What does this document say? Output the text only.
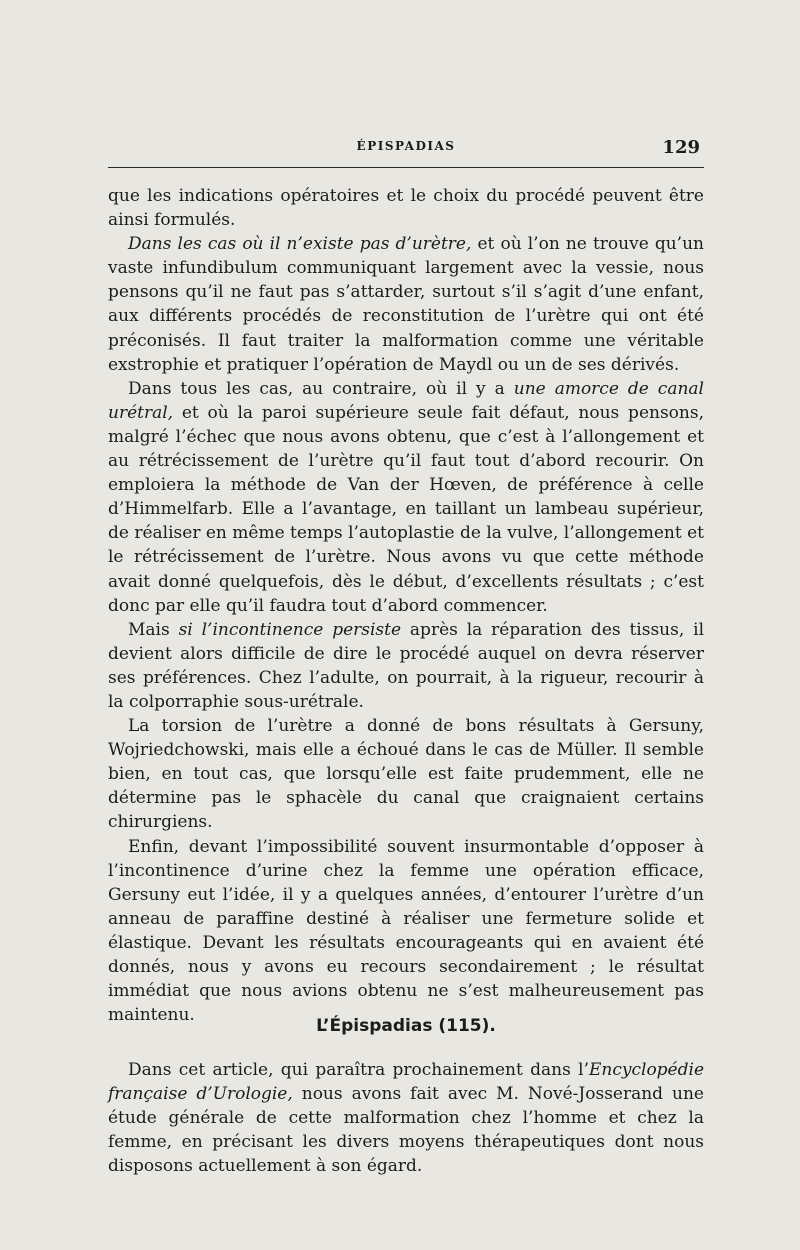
ÉPISPADIAS	129

que les indications opératoires et le choix du procédé peuvent être ainsi formulés.

Dans les cas où il n’existe pas d’urètre, et où l’on ne trouve qu’un vaste infundibulum communiquant largement avec la vessie, nous pensons qu’il ne faut pas s’attarder, surtout s’il s’agit d’une enfant, aux différents procédés de reconstitution de l’urètre qui ont été préconisés. Il faut traiter la malformation comme une véritable exstrophie et pratiquer l’opération de Maydl ou un de ses dérivés.

Dans tous les cas, au contraire, où il y a une amorce de canal urétral, et où la paroi supérieure seule fait défaut, nous pensons, malgré l’échec que nous avons obtenu, que c’est à l’allongement et au rétrécissement de l’urètre qu’il faut tout d’abord recourir. On emploiera la méthode de Van der Hœven, de préférence à celle d’Himmelfarb. Elle a l’avantage, en taillant un lambeau supérieur, de réaliser en même temps l’autoplastie de la vulve, l’allongement et le rétrécissement de l’urètre. Nous avons vu que cette méthode avait donné quelquefois, dès le début, d’excellents résultats ; c’est donc par elle qu’il faudra tout d’abord commencer.

Mais si l’incontinence persiste après la réparation des tissus, il devient alors difficile de dire le procédé auquel on devra réserver ses préférences. Chez l’adulte, on pourrait, à la rigueur, recourir à la colporraphie sous-urétrale.

La torsion de l’urètre a donné de bons résultats à Gersuny, Wojriedchowski, mais elle a échoué dans le cas de Müller. Il semble bien, en tout cas, que lorsqu’elle est faite prudemment, elle ne détermine pas le sphacèle du canal que craignaient certains chirurgiens.

Enfin, devant l’impossibilité souvent insurmontable d’opposer à l’incontinence d’urine chez la femme une opération efficace, Gersuny eut l’idée, il y a quelques années, d’entourer l’urètre d’un anneau de paraffine destiné à réaliser une fermeture solide et élastique. Devant les résultats encourageants qui en avaient été donnés, nous y avons eu recours secondairement ; le résultat immédiat que nous avions obtenu ne s’est malheureusement pas maintenu.

L’Épispadias (115).

Dans cet article, qui paraîtra prochainement dans l’Encyclopédie française d’Urologie, nous avons fait avec M. Nové-Josserand une étude générale de cette malformation chez l’homme et chez la femme, en précisant les divers moyens thérapeutiques dont nous disposons actuellement à son égard.
